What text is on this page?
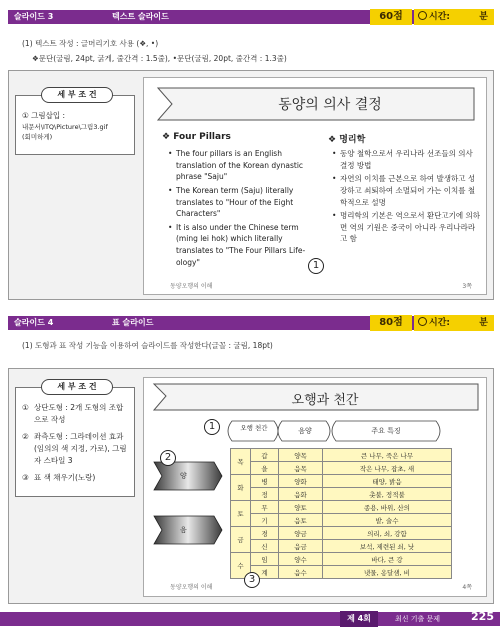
슬라이드 3	텍스트 슬라이드	60점	시간:	분
(1) 텍스트 작성 : 글머리기호 사용 (❖, •)
❖문단(굴림, 24pt, 굵게, 줄간격 : 1.5줄), •문단(굴림, 20pt, 줄간격 : 1.3줄)
세 부 조 건
① 그림삽입 :
내문서\ITQ\Picture\그림3.gif
(회미하게)
동양의 의사 결정
❖ Four Pillars
• The four pillars is an English translation of the Korean dynastic phrase "Saju"
• The Korean term (Saju) literally translates to "Hour of the Eight Characters"
• It is also under the Chinese term (ming lei hok) which literally translates to "The Four Pillars Life-ology"
❖ 명리학
• 동양 철학으로서 우리나라 선조들의 의사 결정 방법
• 자연의 이치를 근본으로 하여 발생하고 성장하고 쇠퇴하여 소멸되어 가는 이치를 철학적으로 설명
• 명리학의 기본은 역으로서 환단고기에 의하면 역의 기원은 중국이 아니라 우리나라라고 함
1
동양오행의 이해	3쪽
슬라이드 4	표 슬라이드	80점	시간:	분
(1) 도형과 표 작성 기능을 이용하여 슬라이드를 작성한다(글꼴 : 굴림, 18pt)
세 부 조 건
① 상단도형 : 2개 도형의 조합으로 작성
② 좌측도형 : 그라데이션 효과(임의의 색 지정, 가로), 그림자 스타일 3
③ 표 색 채우기(노랑)
오행과 천간
오행 천간	음양	주요 특징
양
음
목	갑	양목	큰 나무, 죽은 나무
	을	음목	작은 나무, 잡초, 새
화	병	양화	태양, 밝음
	정	음화	촛불, 정적불
토	무	양토	종용, 바위, 산의
	기	음토	밭, 술수
금	경	양금	의리, 쇠, 강함
	신	음금	보석, 제련된 쇠, 낫
수	임	양수	바다, 큰 강
	계	음수	냇물, 옹달샘, 비
1
2
3
동양오행의 이해	4쪽
제 4회	최신 기출 문제	225
